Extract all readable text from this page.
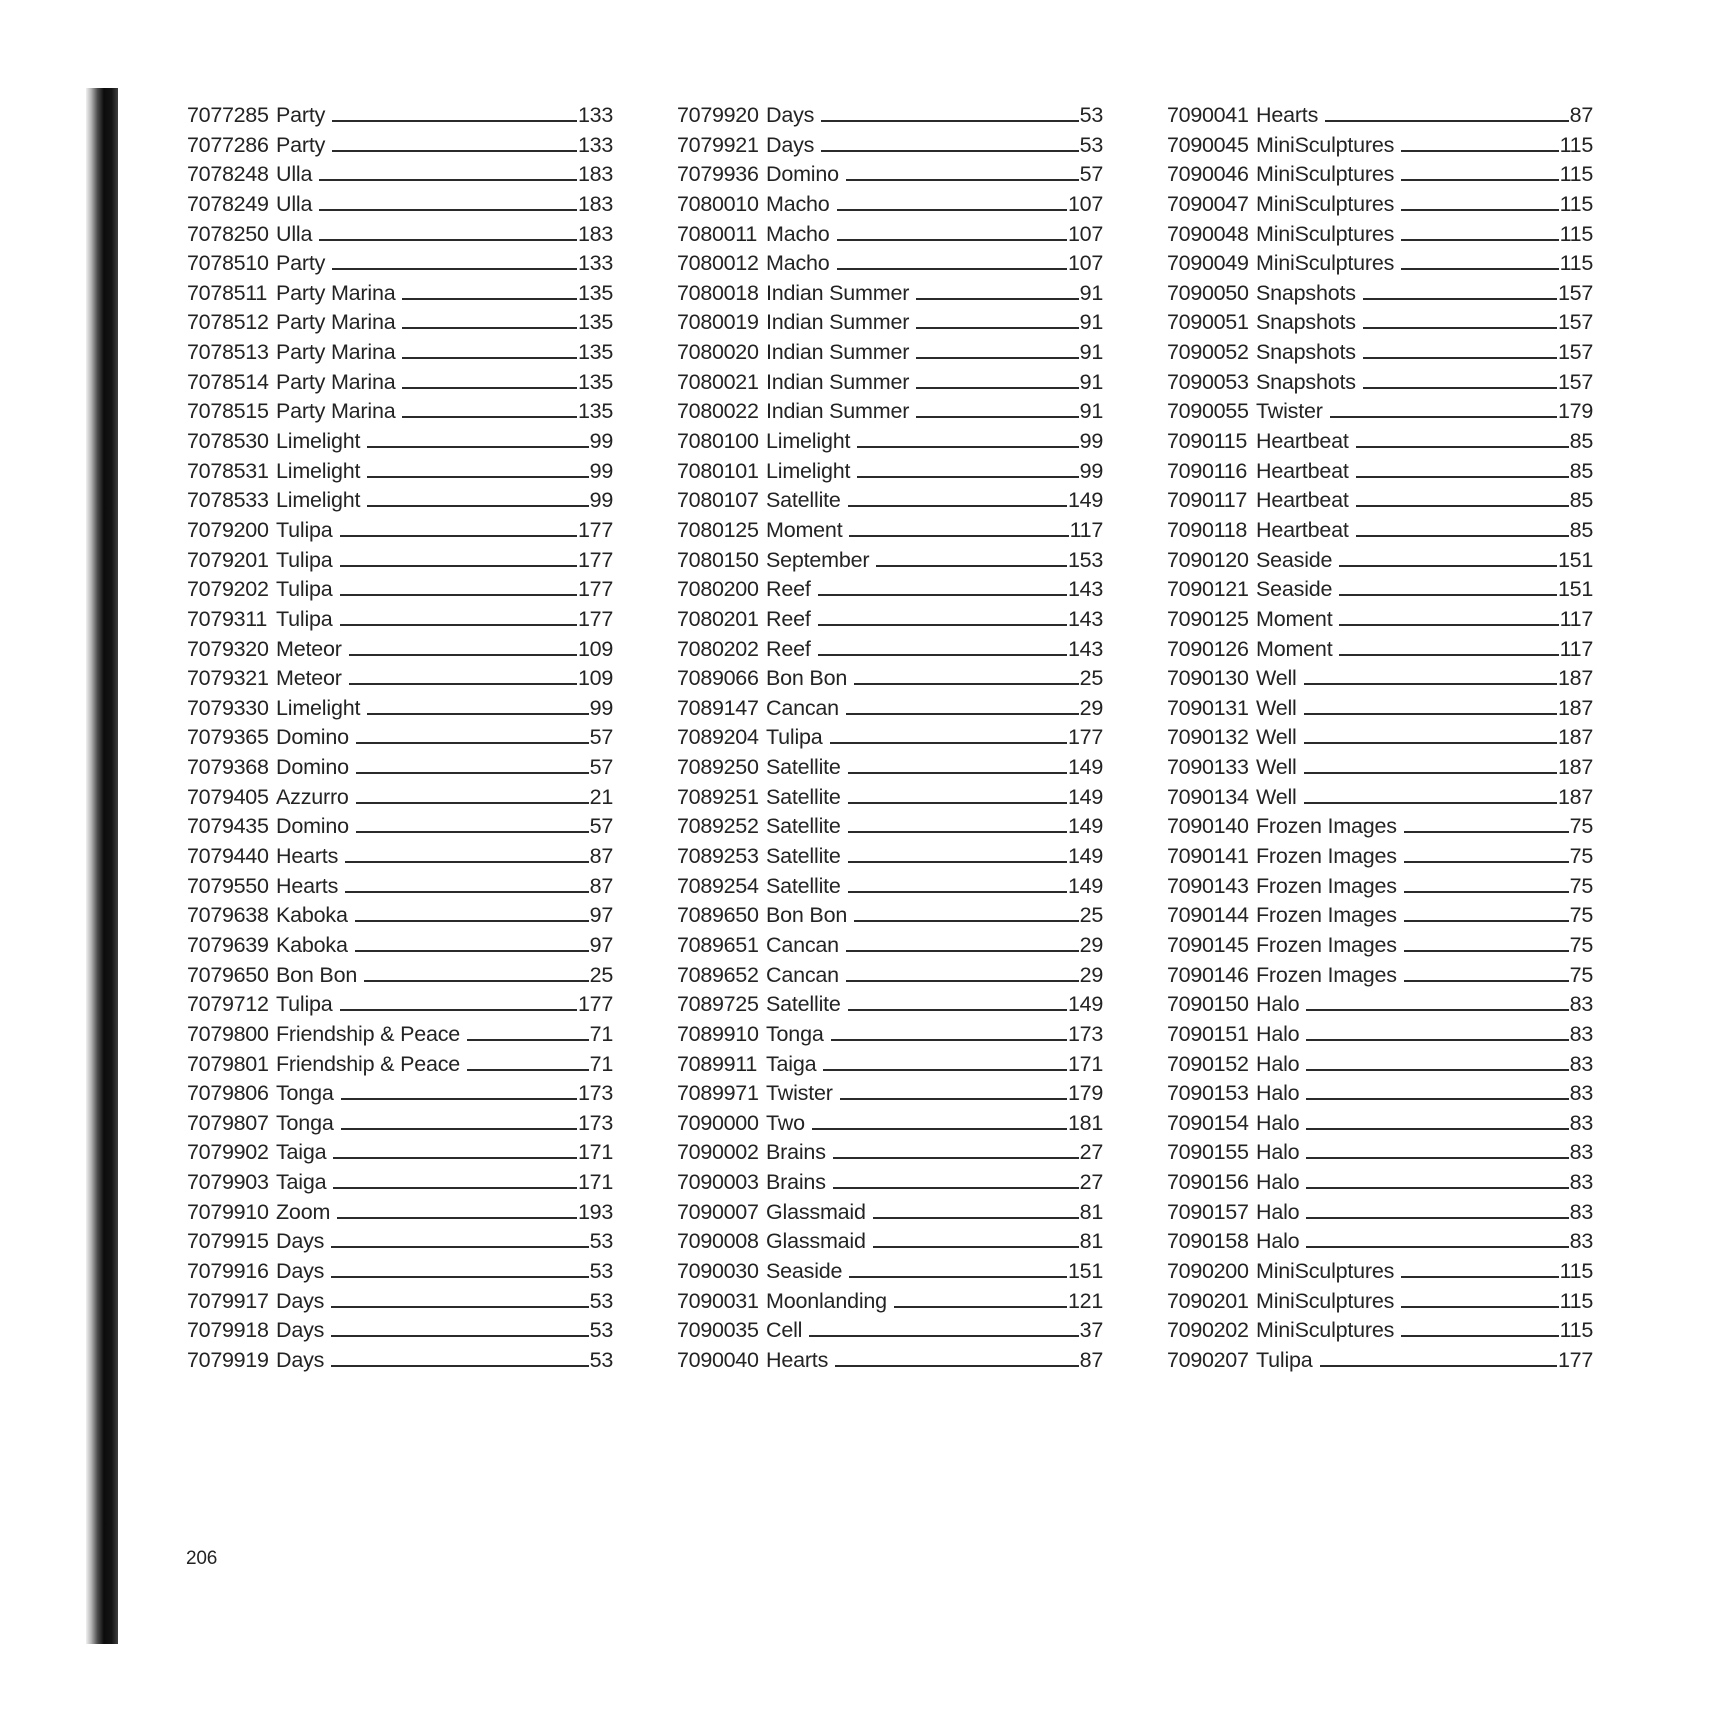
7077285 Party	133
7077286 Party	133
7078248 Ulla	183
7078249 Ulla	183
7078250 Ulla	183
7078510 Party	133
7078511 Party Marina	135
7078512 Party Marina	135
7078513 Party Marina	135
7078514 Party Marina	135
7078515 Party Marina	135
7078530 Limelight	99
7078531 Limelight	99
7078533 Limelight	99
7079200 Tulipa	177
7079201 Tulipa	177
7079202 Tulipa	177
7079311 Tulipa	177
7079320 Meteor	109
7079321 Meteor	109
7079330 Limelight	99
7079365 Domino	57
7079368 Domino	57
7079405 Azzurro	21
7079435 Domino	57
7079440 Hearts	87
7079550 Hearts	87
7079638 Kaboka	97
7079639 Kaboka	97
7079650 Bon Bon	25
7079712 Tulipa	177
7079800 Friendship & Peace	71
7079801 Friendship & Peace	71
7079806 Tonga	173
7079807 Tonga	173
7079902 Taiga	171
7079903 Taiga	171
7079910 Zoom	193
7079915 Days	53
7079916 Days	53
7079917 Days	53
7079918 Days	53
7079919 Days	53
7079920 Days	53
7079921 Days	53
7079936 Domino	57
7080010 Macho	107
7080011 Macho	107
7080012 Macho	107
7080018 Indian Summer	91
7080019 Indian Summer	91
7080020 Indian Summer	91
7080021 Indian Summer	91
7080022 Indian Summer	91
7080100 Limelight	99
7080101 Limelight	99
7080107 Satellite	149
7080125 Moment	117
7080150 September	153
7080200 Reef	143
7080201 Reef	143
7080202 Reef	143
7089066 Bon Bon	25
7089147 Cancan	29
7089204 Tulipa	177
7089250 Satellite	149
7089251 Satellite	149
7089252 Satellite	149
7089253 Satellite	149
7089254 Satellite	149
7089650 Bon Bon	25
7089651 Cancan	29
7089652 Cancan	29
7089725 Satellite	149
7089910 Tonga	173
7089911 Taiga	171
7089971 Twister	179
7090000 Two	181
7090002 Brains	27
7090003 Brains	27
7090007 Glassmaid	81
7090008 Glassmaid	81
7090030 Seaside	151
7090031 Moonlanding	121
7090035 Cell	37
7090040 Hearts	87
7090041 Hearts	87
7090045 MiniSculptures	115
7090046 MiniSculptures	115
7090047 MiniSculptures	115
7090048 MiniSculptures	115
7090049 MiniSculptures	115
7090050 Snapshots	157
7090051 Snapshots	157
7090052 Snapshots	157
7090053 Snapshots	157
7090055 Twister	179
7090115 Heartbeat	85
7090116 Heartbeat	85
7090117 Heartbeat	85
7090118 Heartbeat	85
7090120 Seaside	151
7090121 Seaside	151
7090125 Moment	117
7090126 Moment	117
7090130 Well	187
7090131 Well	187
7090132 Well	187
7090133 Well	187
7090134 Well	187
7090140 Frozen Images	75
7090141 Frozen Images	75
7090143 Frozen Images	75
7090144 Frozen Images	75
7090145 Frozen Images	75
7090146 Frozen Images	75
7090150 Halo	83
7090151 Halo	83
7090152 Halo	83
7090153 Halo	83
7090154 Halo	83
7090155 Halo	83
7090156 Halo	83
7090157 Halo	83
7090158 Halo	83
7090200 MiniSculptures	115
7090201 MiniSculptures	115
7090202 MiniSculptures	115
7090207 Tulipa	177
206
